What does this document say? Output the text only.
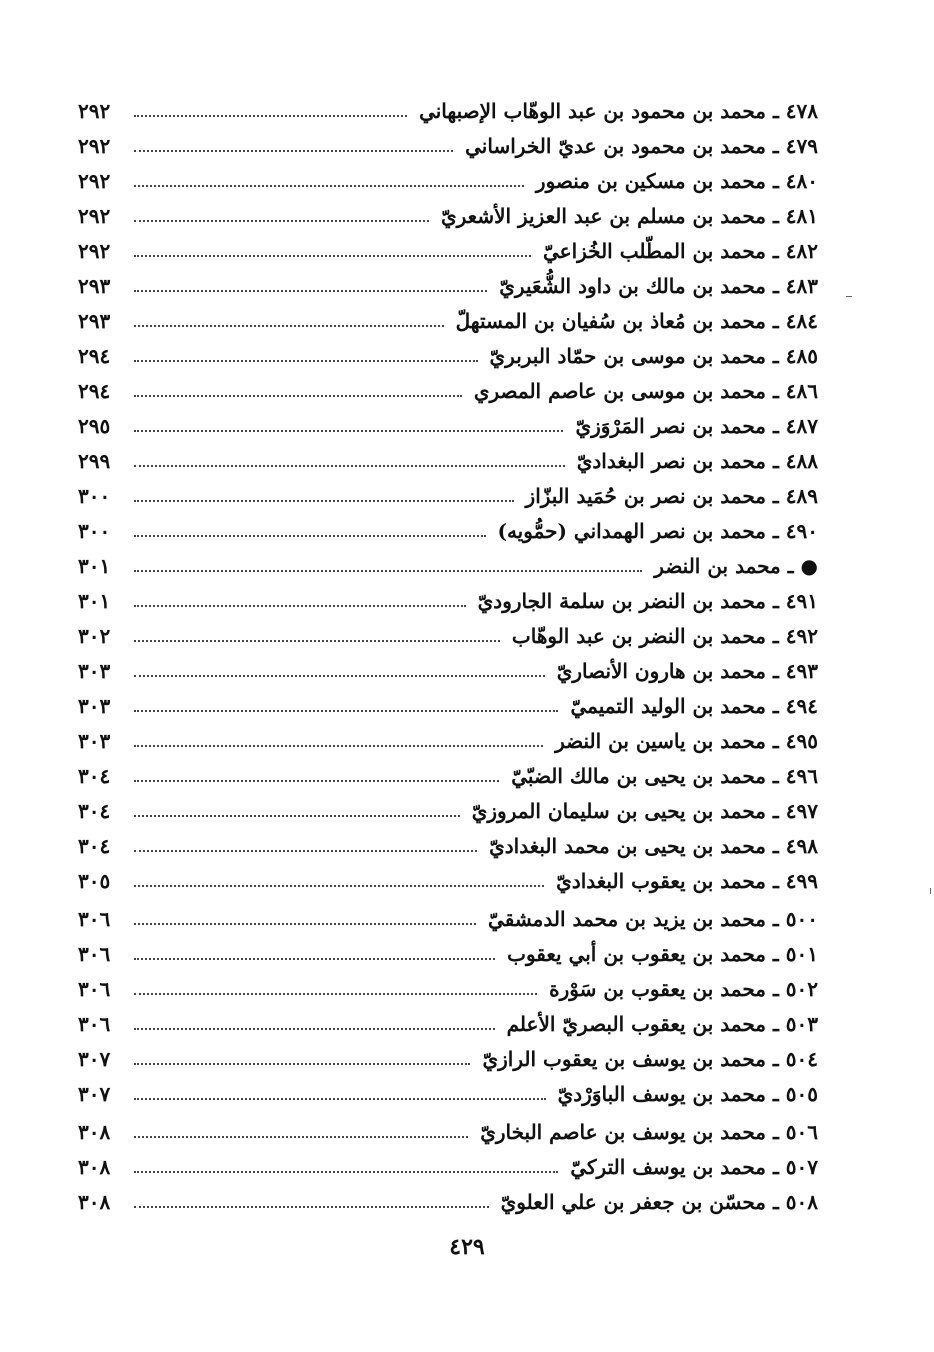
٤٧٨ ـ محمد بن محمود بن عبد الوهّاب الإصبهاني
٢٩٢
٤٧٩ ـ محمد بن محمود بن عديّ الخراساني
٢٩٢
٤٨٠ ـ محمد بن مسكين بن منصور
٢٩٢
٤٨١ ـ محمد بن مسلم بن عبد العزيز الأشعريّ
٢٩٢
٤٨٢ ـ محمد بن المطّلب الخُزاعيّ
٢٩٢
٤٨٣ ـ محمد بن مالك بن داود الشُّعَيريّ
٢٩٣
٤٨٤ ـ محمد بن مُعاذ بن سُفيان بن المستهلّ
٢٩٣
٤٨٥ ـ محمد بن موسى بن حمّاد البربريّ
٢٩٤
٤٨٦ ـ محمد بن موسى بن عاصم المصري
٢٩٤
٤٨٧ ـ محمد بن نصر المَرْوَزيّ
٢٩٥
٤٨٨ ـ محمد بن نصر البغداديّ
٢٩٩
٤٨٩ ـ محمد بن نصر بن حُمَيد البزّاز
٣٠٠
٤٩٠ ـ محمد بن نصر الهمداني (حمُّويه)
٣٠٠
● ـ محمد بن النضر
٣٠١
٤٩١ ـ محمد بن النضر بن سلمة الجاروديّ
٣٠١
٤٩٢ ـ محمد بن النضر بن عبد الوهّاب
٣٠٢
٤٩٣ ـ محمد بن هارون الأنصاريّ
٣٠٣
٤٩٤ ـ محمد بن الوليد التميميّ
٣٠٣
٤٩٥ ـ محمد بن ياسين بن النضر
٣٠٣
٤٩٦ ـ محمد بن يحيى بن مالك الضبّيّ
٣٠٤
٤٩٧ ـ محمد بن يحيى بن سليمان المروزيّ
٣٠٤
٤٩٨ ـ محمد بن يحيى بن محمد البغداديّ
٣٠٤
٤٩٩ ـ محمد بن يعقوب البغداديّ
٣٠٥
٥٠٠ ـ محمد بن يزيد بن محمد الدمشقيّ
٣٠٦
٥٠١ ـ محمد بن يعقوب بن أبي يعقوب
٣٠٦
٥٠٢ ـ محمد بن يعقوب بن سَوْرة
٣٠٦
٥٠٣ ـ محمد بن يعقوب البصريّ الأعلم
٣٠٦
٥٠٤ ـ محمد بن يوسف بن يعقوب الرازيّ
٣٠٧
٥٠٥ ـ محمد بن يوسف الباوَرْديّ
٣٠٧
٥٠٦ ـ محمد بن يوسف بن عاصم البخاريّ
٣٠٨
٥٠٧ ـ محمد بن يوسف التركيّ
٣٠٨
٥٠٨ ـ محسّن بن جعفر بن علي العلويّ
٣٠٨
٤٢٩
